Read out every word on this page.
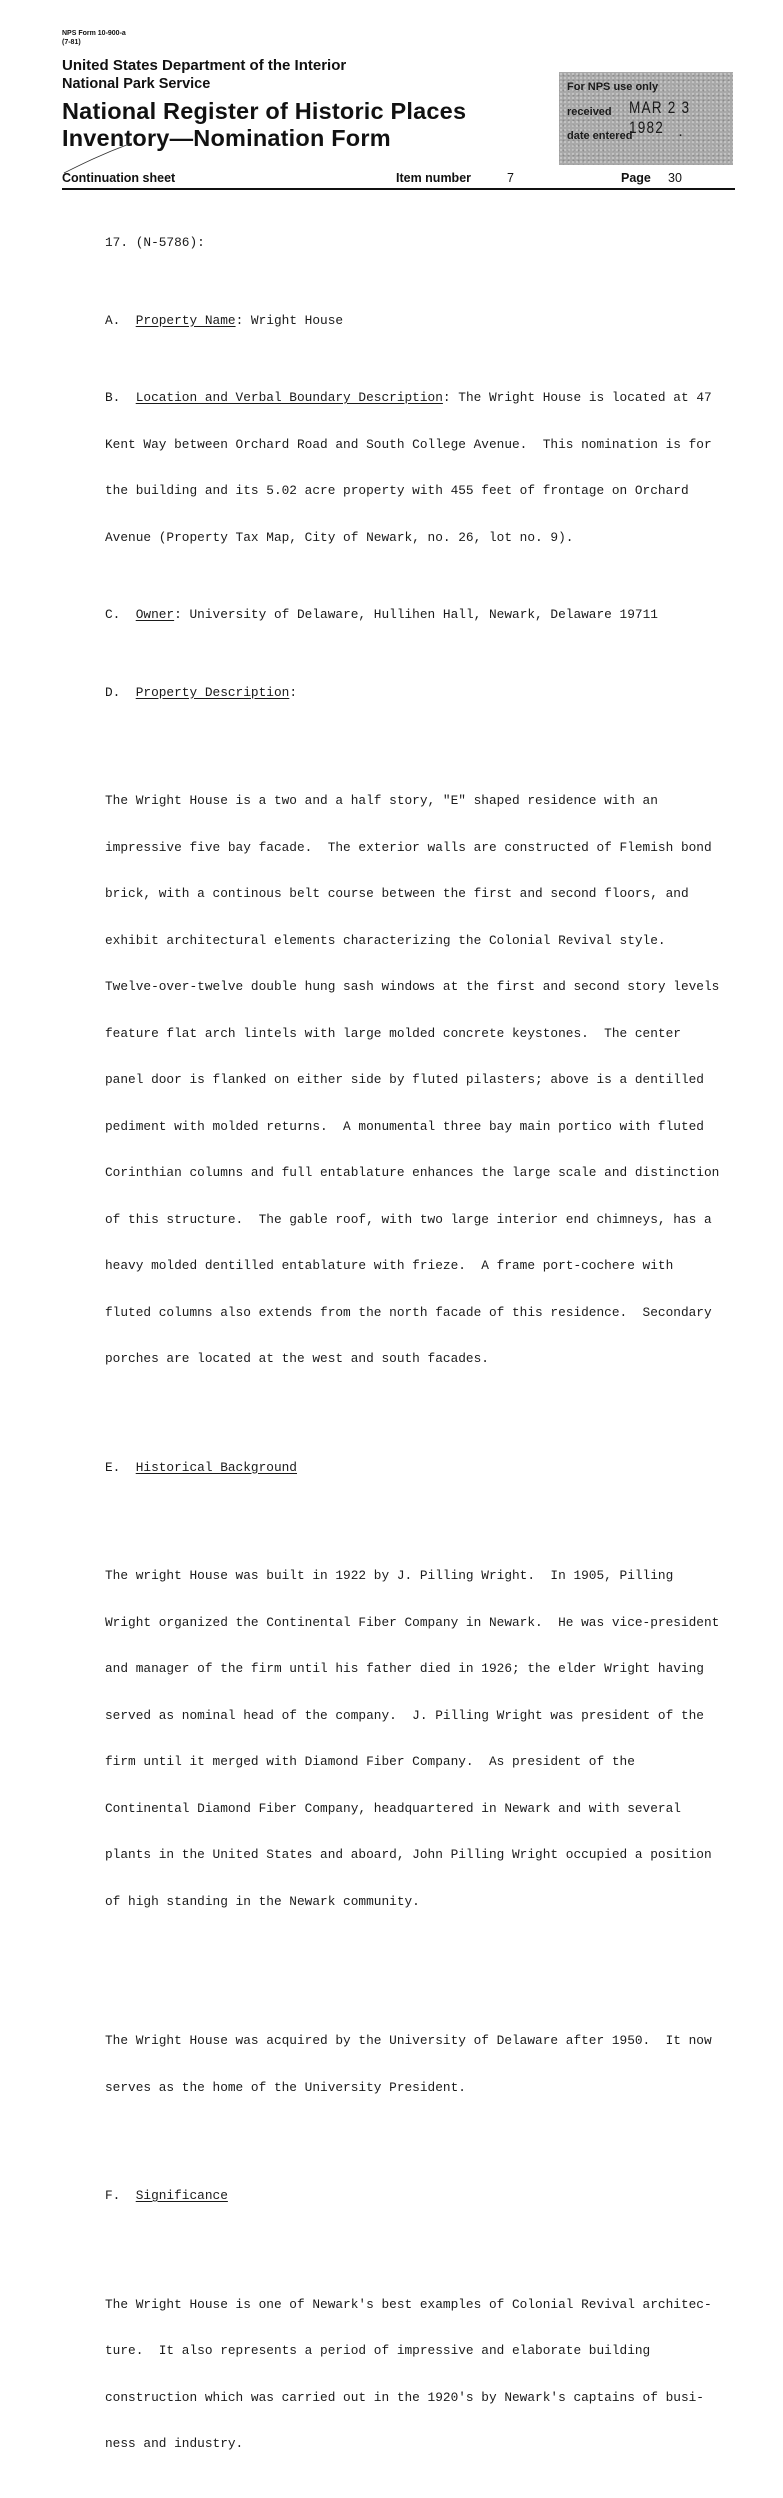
NPS Form 10-900-a
(7-81)
United States Department of the Interior
National Park Service
National Register of Historic Places
Inventory—Nomination Form
For NPS use only
received MAR 2 3 1982
date entered	·
Continuation sheet	Item number	7	Page 30

17. (N-5786):

A.  Property Name: Wright House

B.  Location and Verbal Boundary Description: The Wright House is located at 47

Kent Way between Orchard Road and South College Avenue.  This nomination is for

the building and its 5.02 acre property with 455 feet of frontage on Orchard

Avenue (Property Tax Map, City of Newark, no. 26, lot no. 9).

C.  Owner: University of Delaware, Hullihen Hall, Newark, Delaware 19711

D.  Property Description:

The Wright House is a two and a half story, "E" shaped residence with an

impressive five bay facade.  The exterior walls are constructed of Flemish bond

brick, with a continous belt course between the first and second floors, and

exhibit architectural elements characterizing the Colonial Revival style.

Twelve-over-twelve double hung sash windows at the first and second story levels

feature flat arch lintels with large molded concrete keystones.  The center

panel door is flanked on either side by fluted pilasters; above is a dentilled

pediment with molded returns.  A monumental three bay main portico with fluted

Corinthian columns and full entablature enhances the large scale and distinction

of this structure.  The gable roof, with two large interior end chimneys, has a

heavy molded dentilled entablature with frieze.  A frame port-cochere with

fluted columns also extends from the north facade of this residence.  Secondary

porches are located at the west and south facades.

E.  Historical Background

The wright House was built in 1922 by J. Pilling Wright.  In 1905, Pilling

Wright organized the Continental Fiber Company in Newark.  He was vice-president

and manager of the firm until his father died in 1926; the elder Wright having

served as nominal head of the company.  J. Pilling Wright was president of the

firm until it merged with Diamond Fiber Company.  As president of the

Continental Diamond Fiber Company, headquartered in Newark and with several

plants in the United States and aboard, John Pilling Wright occupied a position

of high standing in the Newark community.

The Wright House was acquired by the University of Delaware after 1950.  It now

serves as the home of the University President.

F.  Significance

The Wright House is one of Newark's best examples of Colonial Revival architec-

ture.  It also represents a period of impressive and elaborate building

construction which was carried out in the 1920's by Newark's captains of busi-

ness and industry.
